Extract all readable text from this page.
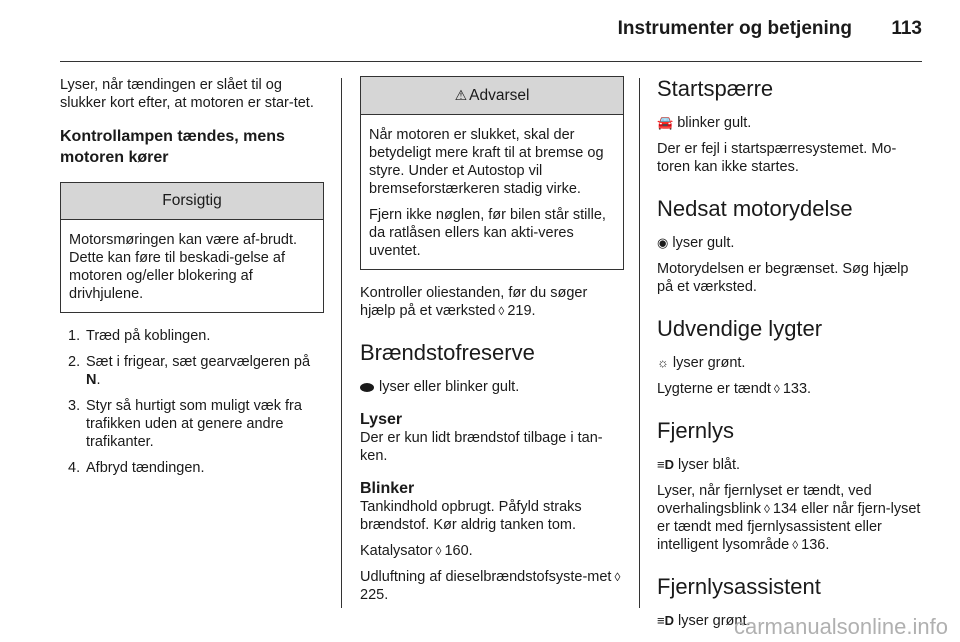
Instrumenter og betjening 113

Lyser, når tændingen er slået til og slukker kort efter, at motoren er star-tet.

Kontrollampen tændes, mens motoren kører
Forsigtig

Motorsmøringen kan være af-brudt. Dette kan føre til beskadi-gelse af motoren og/eller blokering af drivhjulene.

1. Træd på koblingen.
2. Sæt i frigear, sæt gearvælgeren på N.
3. Styr så hurtigt som muligt væk fra trafikken uden at genere andre trafikanter.
4. Afbryd tændingen.
⚠ Advarsel

Når motoren er slukket, skal der betydeligt mere kraft til at bremse og styre. Under et Autostop vil bremseforstærkeren stadig virke.

Fjern ikke nøglen, før bilen står stille, da ratlåsen ellers kan akti-veres uventet.

Kontroller oliestanden, før du søger hjælp på et værksted ◊ 219.

Brændstofreserve

lyser eller blinker gult.

Lyser

Der er kun lidt brændstof tilbage i tan-ken.

Blinker

Tankindhold opbrugt. Påfyld straks brændstof. Kør aldrig tanken tom.

Katalysator ◊ 160.

Udluftning af dieselbrændstofsyste-met ◊225.

Startspærre

🚘 blinker gult.

Der er fejl i startspærresystemet. Mo-toren kan ikke startes.

Nedsat motorydelse

◉ lyser gult.

Motorydelsen er begrænset. Søg hjælp på et værksted.

Udvendige lygter

☼ lyser grønt.

Lygterne er tændt ◊ 133.

Fjernlys

≡D lyser blåt.

Lyser, når fjernlyset er tændt, ved overhalingsblink ◊ 134 eller når fjern-lyset er tændt med fjernlysassistent eller intelligent lysområde ◊ 136.

Fjernlysassistent

≡D lyser grønt.

carmanualsonline.info
